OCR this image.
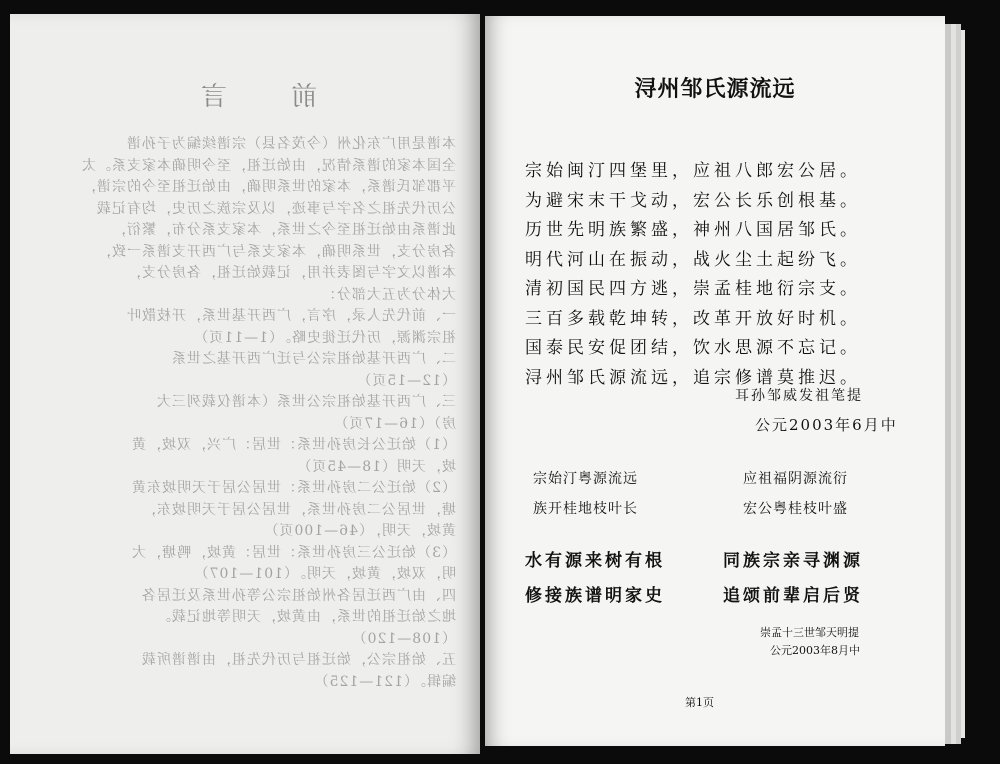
前 言
本谱是用广东化州（今茂名县）宗谱续编为子孙谱
全国本家的谱系情况，由始迁祖，至今明确本家支系。太
平郡邹氏谱系，本家的世系明确，由始迁祖至今的宗谱，
公历代先祖之名字与事迹，以及宗族之历史，均有记载
此谱系由始迁祖至今之世系，本家支系分布，繁衍，
各房分支，世系明确，本家支系与广西开支谱系一致，
本谱以文字与图表并用，记载始迁祖，各房分支，
大体分为五大部分：
一、前代先人录，序言，广西开基世系，开枝散叶
祖宗渊源，历代迁徙史略。（1—11页）
二、广西开基始祖宗公与迁广西开基之世系
（12—15页）
三、广西开基始祖宗公世系（本谱仅载列三大
房）（16—17页）
（1）始迁公长房孙世系：世居：广兴，双坡，黄
坡，天明（18—45页）
（2）始迁公二房孙世系：世居公居于天明坡东黄
塘，世居公二房孙世系，世居公居于天明坡东，
黄坡，天明，（46—100页）
（3）始迁公三房孙世系：世居：黄坡，鸭塘，大
明，双坡，黄坡，天明。（101—107）
四、由广西迁居各州始祖宗公等孙世系及迁居各
地之始迁祖的世系，由黄坡，天明等地记载。
（108—120）
五、始祖宗公，始迁祖与历代先祖，由谱谱所载
编辑。（121—125）
浔州邹氏源流远
宗始闽汀四堡里，应祖八郎宏公居。
为避宋末干戈动，宏公长乐创根基。
历世先明族繁盛，神州八国居邹氏。
明代河山在振动，战火尘土起纷飞。
清初国民四方逃，崇孟桂地衍宗支。
三百多载乾坤转，改革开放好时机。
国泰民安促团结，饮水思源不忘记。
浔州邹氏源流远，追宗修谱莫推迟。
耳孙邹威发祖笔提
公元2003年6月中
宗始汀粤源流远
族开桂地枝叶长
应祖福阴源流衍
宏公粤桂枝叶盛
水有源来树有根
修接族谱明家史
同族宗亲寻渊源
追颂前辈启后贤
崇孟十三世邹天明提
公元2003年8月中
第1页
